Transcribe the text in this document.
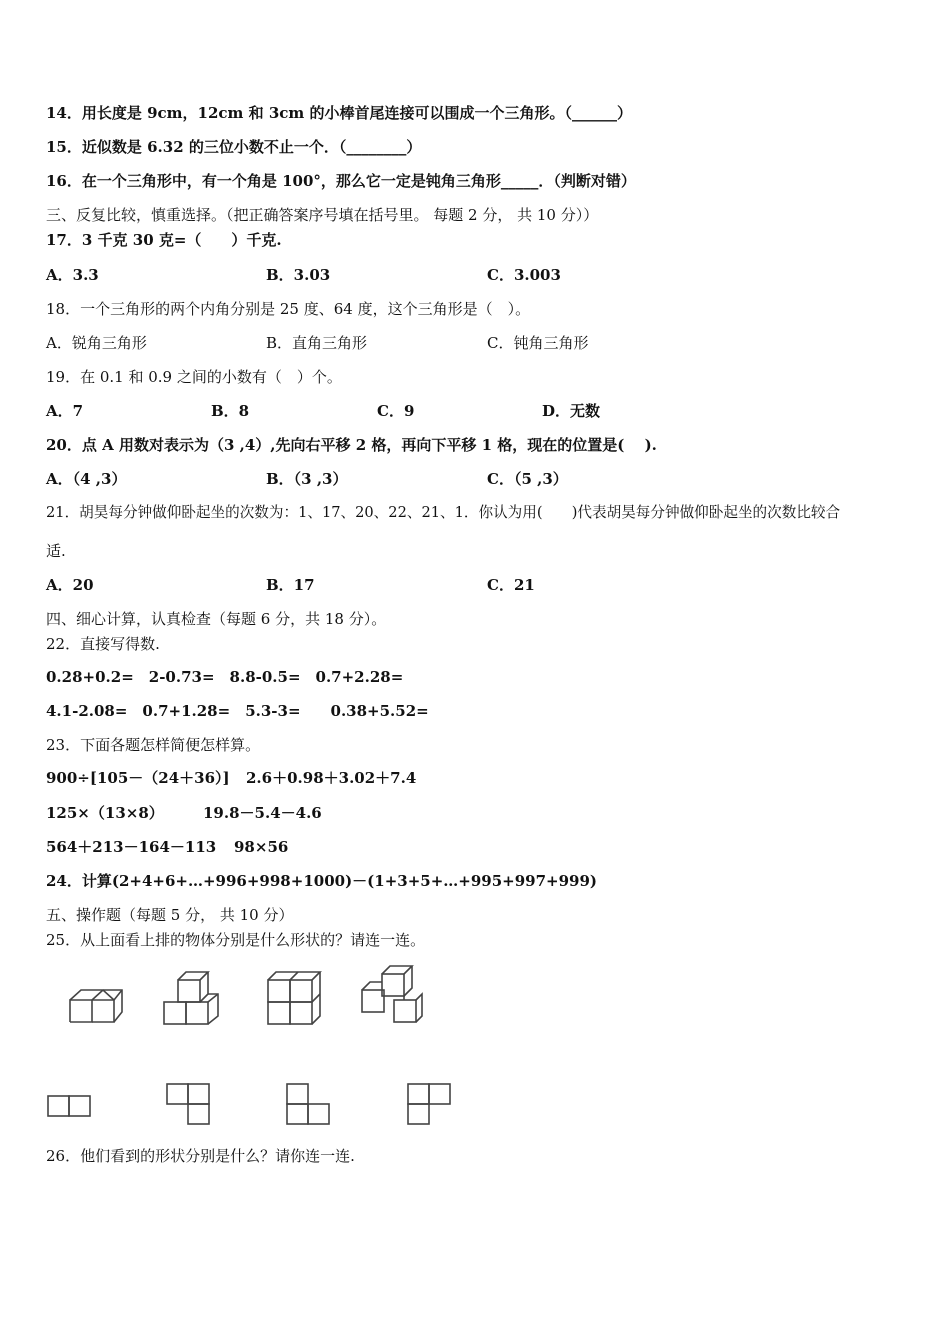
14．用长度是 9cm，12cm 和 3cm 的小棒首尾连接可以围成一个三角形。（______）
15．近似数是 6.32 的三位小数不止一个．（________）
16．在一个三角形中，有一个角是 100°，那么它一定是钝角三角形_____．（判断对错）
三、反复比较，慎重选择。（把正确答案序号填在括号里。 每题 2 分， 共 10 分））
17．3 千克 30 克=（　　）千克.
A．3.3	B．3.03	C．3.003
18．一个三角形的两个内角分别是 25 度、64 度，这个三角形是（　）。
A．锐角三角形	B．直角三角形	C．钝角三角形
19．在 0.1 和 0.9 之间的小数有（　）个。
A．7	B．8	C．9	D．无数
20．点 A 用数对表示为（3 ,4）,先向右平移 2 格，再向下平移 1 格，现在的位置是(　 ).
A．（4 ,3）	B．（3 ,3）	C．（5 ,3）
21．胡昊每分钟做仰卧起坐的次数为：1、17、20、22、21、1．你认为用(　　)代表胡昊每分钟做仰卧起坐的次数比较合
适.
A．20	B．17	C．21
四、细心计算，认真检查（每题 6 分，共 18 分）。
22．直接写得数.
0.28+0.2=　2-0.73=　8.8-0.5=　0.7+2.28=
4.1-2.08=　0.7+1.28=　5.3-3=　　0.38+5.52=
23．下面各题怎样简便怎样算。
900÷[105－（24＋36）] 2.6＋0.98＋3.02＋7.4
125×（13×8）	19.8－5.4－4.6
564＋213－164－113 98×56
24．计算(2+4+6+…+996+998+1000)－(1+3+5+…+995+997+999)
五、操作题（每题 5 分， 共 10 分）
25．从上面看上排的物体分别是什么形状的？请连一连。
26．他们看到的形状分别是什么？请你连一连.
